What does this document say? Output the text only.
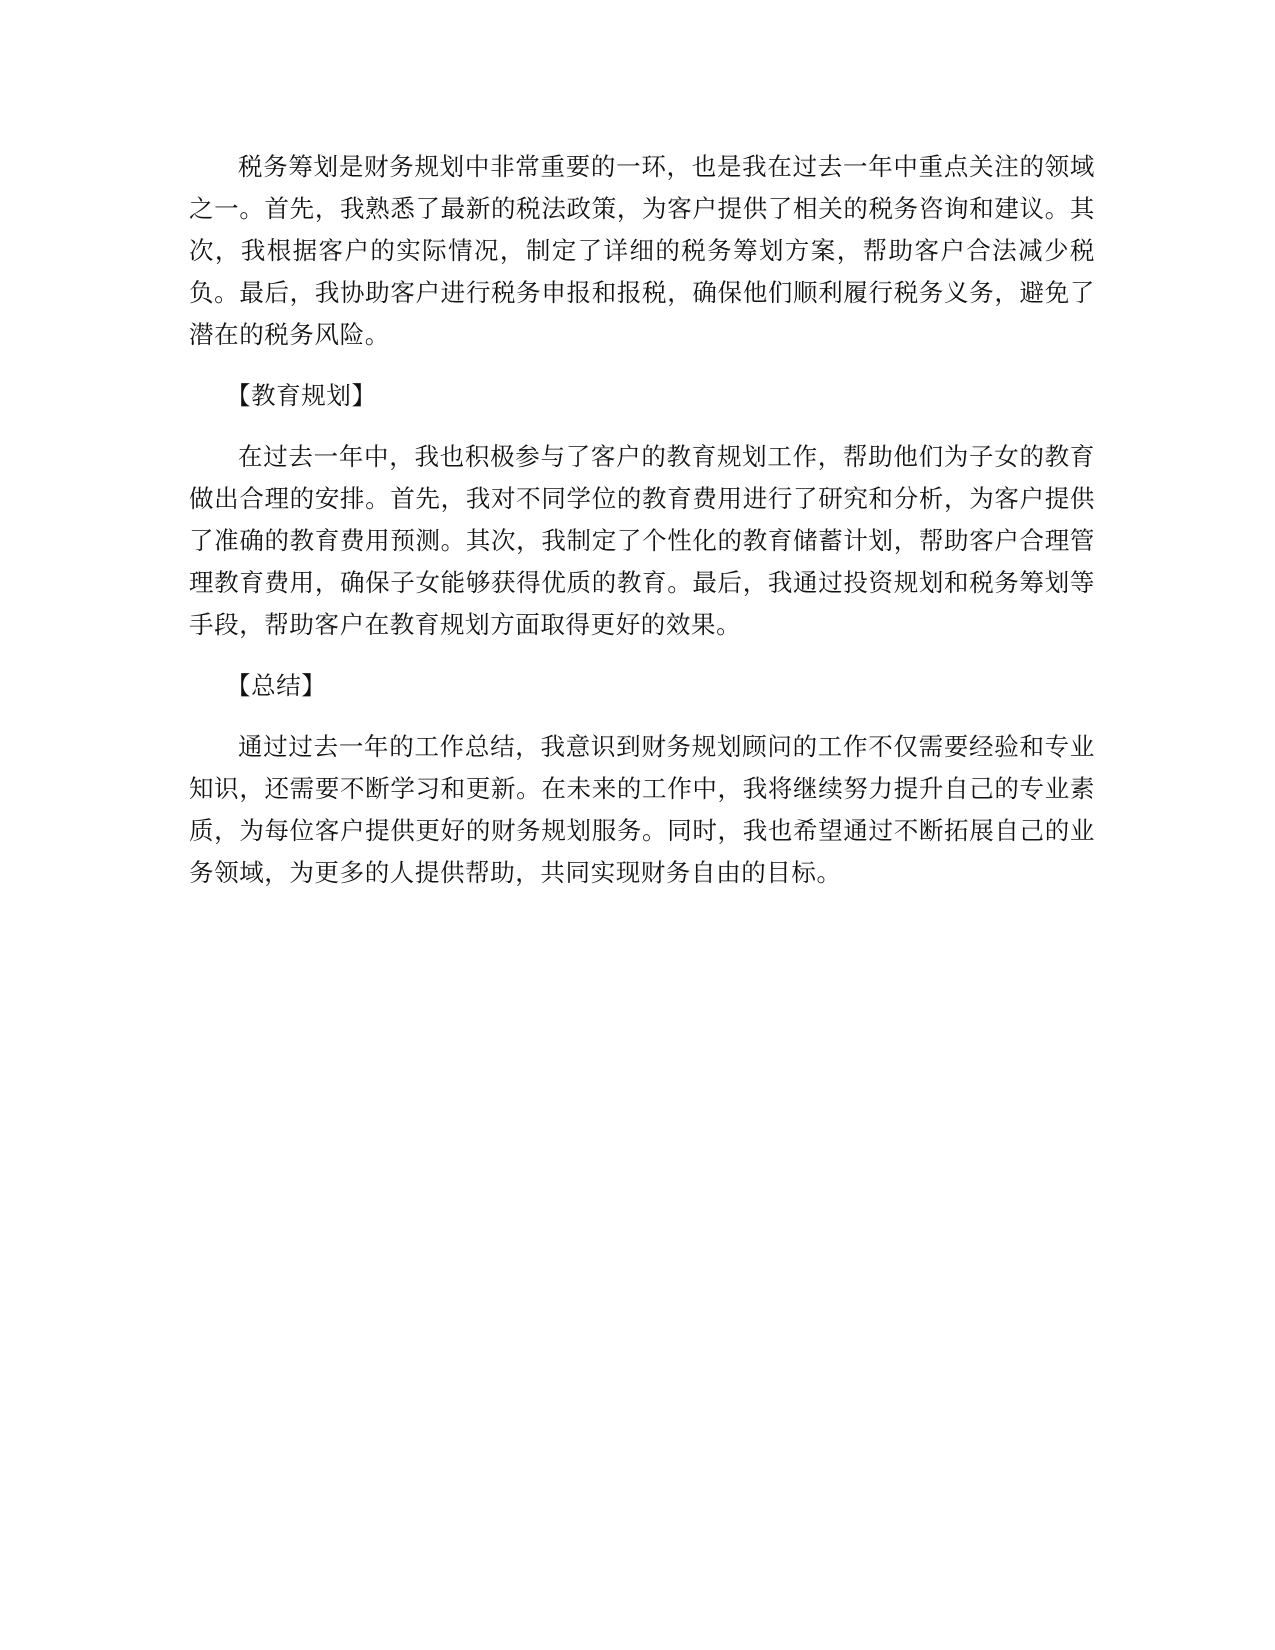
税务筹划是财务规划中非常重要的一环，也是我在过去一年中重点关注的领域之一。首先，我熟悉了最新的税法政策，为客户提供了相关的税务咨询和建议。其次，我根据客户的实际情况，制定了详细的税务筹划方案，帮助客户合法减少税负。最后，我协助客户进行税务申报和报税，确保他们顺利履行税务义务，避免了潜在的税务风险。

【教育规划】

在过去一年中，我也积极参与了客户的教育规划工作，帮助他们为子女的教育做出合理的安排。首先，我对不同学位的教育费用进行了研究和分析，为客户提供了准确的教育费用预测。其次，我制定了个性化的教育储蓄计划，帮助客户合理管理教育费用，确保子女能够获得优质的教育。最后，我通过投资规划和税务筹划等手段，帮助客户在教育规划方面取得更好的效果。

【总结】

通过过去一年的工作总结，我意识到财务规划顾问的工作不仅需要经验和专业知识，还需要不断学习和更新。在未来的工作中，我将继续努力提升自己的专业素质，为每位客户提供更好的财务规划服务。同时，我也希望通过不断拓展自己的业务领域，为更多的人提供帮助，共同实现财务自由的目标。
